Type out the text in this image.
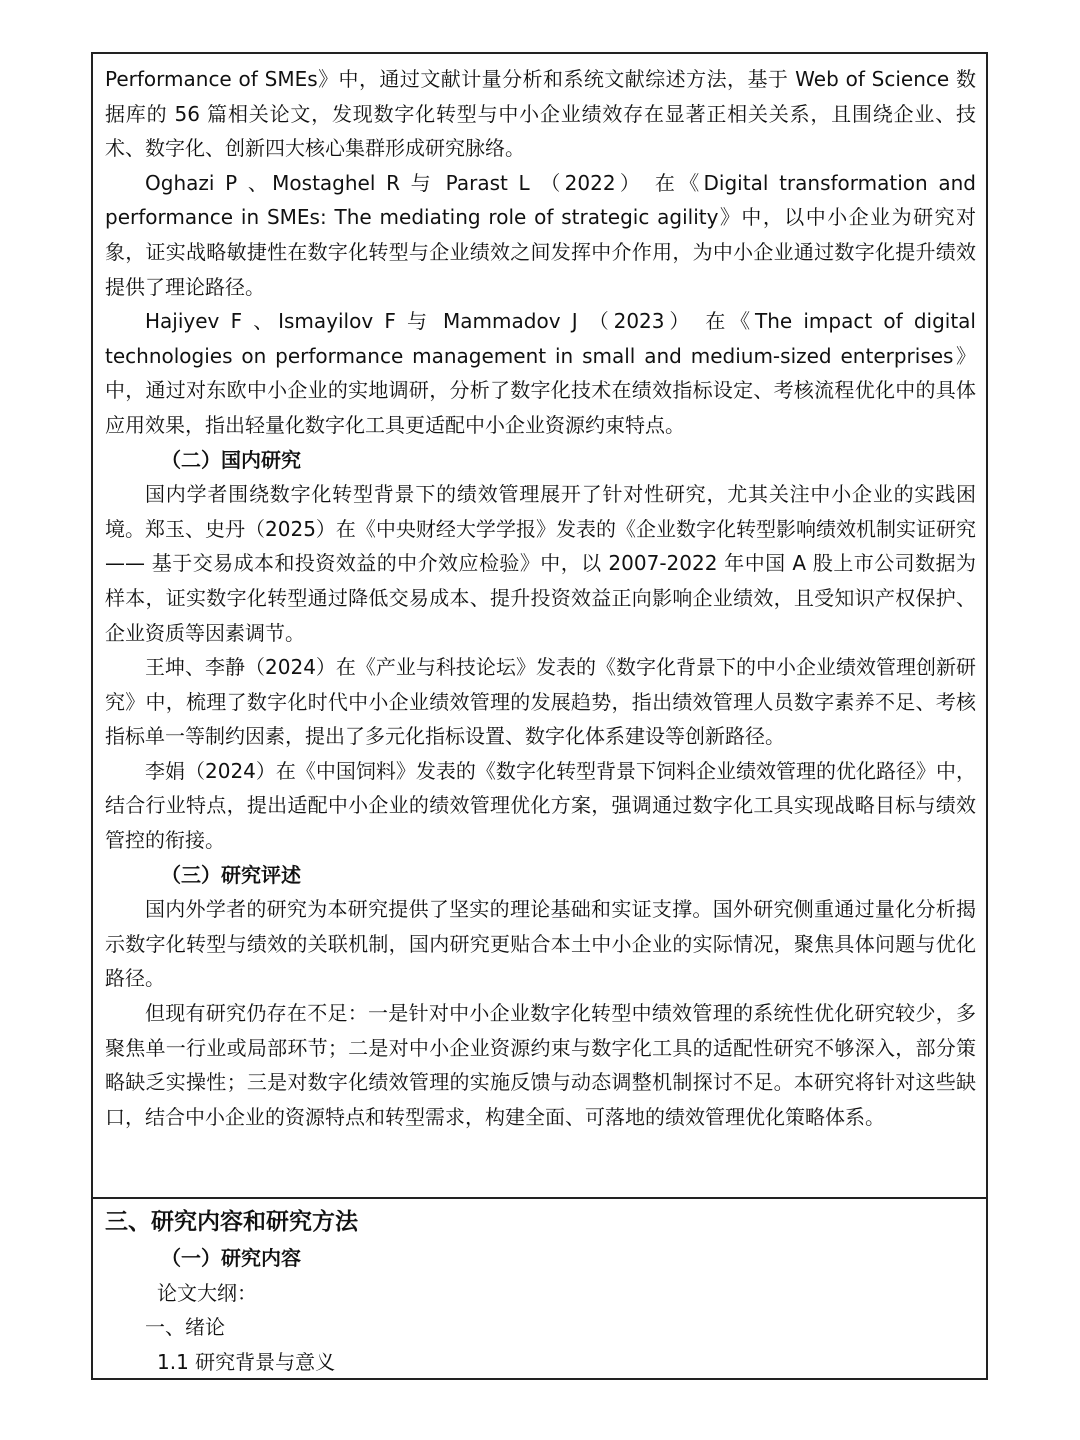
Performance of SMEs》中，通过文献计量分析和系统文献综述方法，基于 Web of Science 数据库的 56 篇相关论文，发现数字化转型与中小企业绩效存在显著正相关关系，且围绕企业、技术、数字化、创新四大核心集群形成研究脉络。

Oghazi P 、Mostaghel R 与 Parast L （2022） 在《Digital transformation and performance in SMEs: The mediating role of strategic agility》中，以中小企业为研究对象，证实战略敏捷性在数字化转型与企业绩效之间发挥中介作用，为中小企业通过数字化提升绩效提供了理论路径。

Hajiyev F 、Ismayilov F 与 Mammadov J （2023） 在《The impact of digital technologies on performance management in small and medium-sized enterprises》中，通过对东欧中小企业的实地调研，分析了数字化技术在绩效指标设定、考核流程优化中的具体应用效果，指出轻量化数字化工具更适配中小企业资源约束特点。

（二）国内研究

国内学者围绕数字化转型背景下的绩效管理展开了针对性研究，尤其关注中小企业的实践困境。郑玉、史丹（2025）在《中央财经大学学报》发表的《企业数字化转型影响绩效机制实证研究 —— 基于交易成本和投资效益的中介效应检验》中，以 2007-2022 年中国 A 股上市公司数据为样本，证实数字化转型通过降低交易成本、提升投资效益正向影响企业绩效，且受知识产权保护、企业资质等因素调节。

王坤、李静（2024）在《产业与科技论坛》发表的《数字化背景下的中小企业绩效管理创新研究》中，梳理了数字化时代中小企业绩效管理的发展趋势，指出绩效管理人员数字素养不足、考核指标单一等制约因素，提出了多元化指标设置、数字化体系建设等创新路径。

李娟（2024）在《中国饲料》发表的《数字化转型背景下饲料企业绩效管理的优化路径》中，结合行业特点，提出适配中小企业的绩效管理优化方案，强调通过数字化工具实现战略目标与绩效管控的衔接。

（三）研究评述

国内外学者的研究为本研究提供了坚实的理论基础和实证支撑。国外研究侧重通过量化分析揭示数字化转型与绩效的关联机制，国内研究更贴合本土中小企业的实际情况，聚焦具体问题与优化路径。

但现有研究仍存在不足：一是针对中小企业数字化转型中绩效管理的系统性优化研究较少，多聚焦单一行业或局部环节；二是对中小企业资源约束与数字化工具的适配性研究不够深入，部分策略缺乏实操性；三是对数字化绩效管理的实施反馈与动态调整机制探讨不足。本研究将针对这些缺口，结合中小企业的资源特点和转型需求，构建全面、可落地的绩效管理优化策略体系。

三、研究内容和研究方法
（一）研究内容
论文大纲：
一、绪论
1.1 研究背景与意义
